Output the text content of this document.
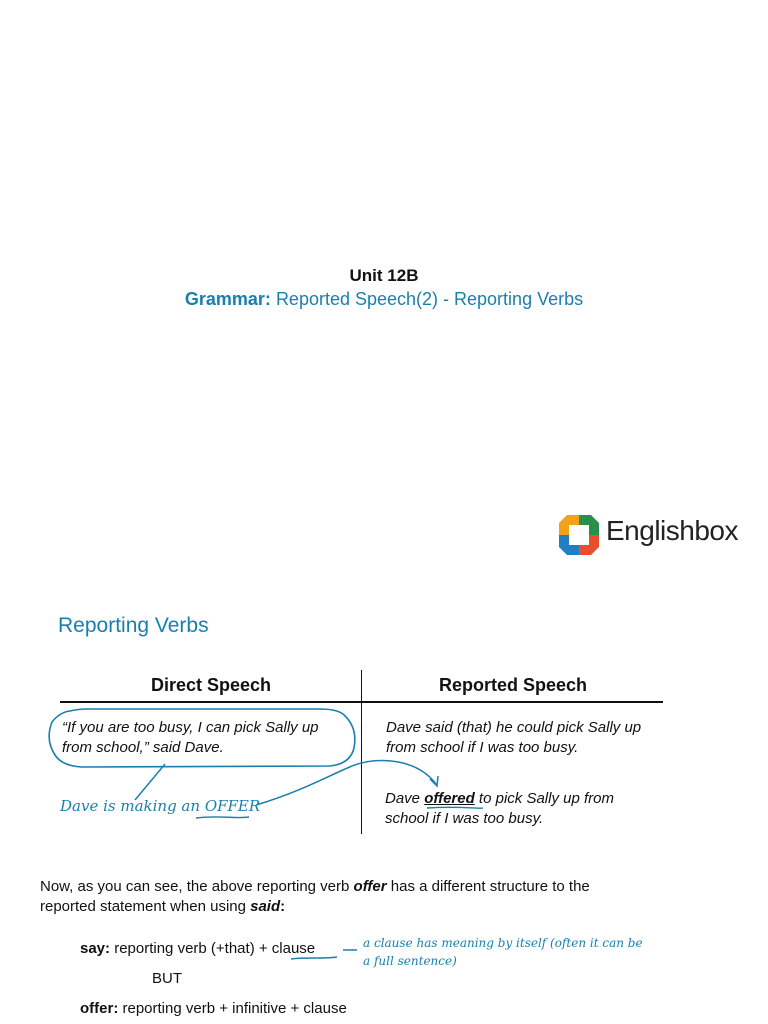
Unit 12B
Grammar: Reported Speech(2) - Reporting Verbs
Englishbox
Reporting Verbs
Direct Speech	Reported Speech
“If you are too busy, I can pick Sally up
from school,” said Dave.
Dave said (that) he could pick Sally up
from school if I was too busy.
Dave offered to pick Sally up from
school if I was too busy.
Dave is making an OFFER
Now, as you can see, the above reporting verb offer has a different structure to the
reported statement when using said:
say: reporting verb (+that) + clause	a clause has meaning by itself (often it can be
a full sentence)
BUT
offer: reporting verb + infinitive + clause
